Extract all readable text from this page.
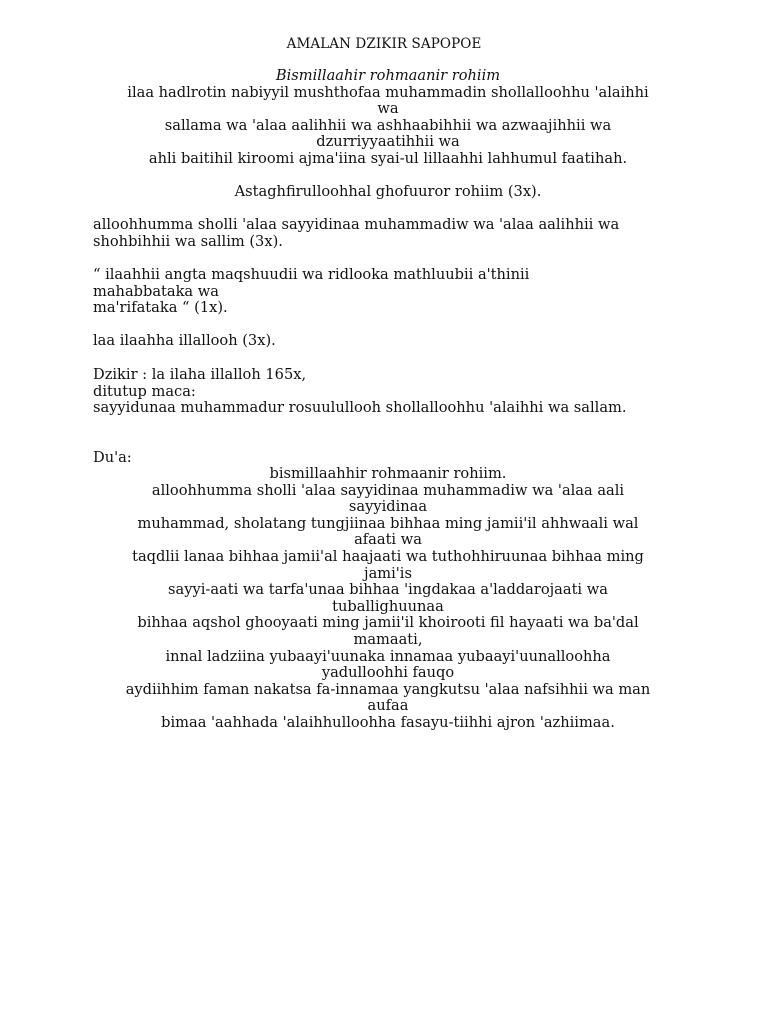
AMALAN DZIKIR SAPOPOE
Bismillaahir rohmaanir rohiim
ilaa hadlrotin nabiyyil mushthofaa muhammadin shollalloohhu 'alaihhi
wa
sallama wa 'alaa aalihhii wa ashhaabihhii wa azwaajihhii wa
dzurriyyaatihhii wa
ahli baitihil kiroomi ajma'iina syai-ul lillaahhi lahhumul faatihah.
Astaghfirulloohhal ghofuuror rohiim (3x).
alloohhumma sholli 'alaa sayyidinaa muhammadiw wa 'alaa aalihhii wa
shohbihhii wa sallim (3x).
“ ilaahhii angta maqshuudii wa ridlooka mathluubii a'thinii
mahabbataka wa
ma'rifataka “ (1x).
laa ilaahha illallooh (3x).
Dzikir : la ilaha illalloh 165x,
ditutup maca:
sayyidunaa muhammadur rosuulullooh shollalloohhu 'alaihhi wa sallam.
Du'a:
bismillaahhir rohmaanir rohiim.
alloohhumma sholli 'alaa sayyidinaa muhammadiw wa 'alaa aali
sayyidinaa
muhammad, sholatang tungjiinaa bihhaa ming jamii'il ahhwaali wal
afaati wa
taqdlii lanaa bihhaa jamii'al haajaati wa tuthohhiruunaa bihhaa ming
jami'is
sayyi-aati wa tarfa'unaa bihhaa 'ingdakaa a'laddarojaati wa
tuballighuunaa
bihhaa aqshol ghooyaati ming jamii'il khoirooti fil hayaati wa ba'dal
mamaati,
innal ladziina yubaayi'uunaka innamaa yubaayi'uunalloohha
yadulloohhi fauqo
aydiihhim faman nakatsa fa-innamaa yangkutsu 'alaa nafsihhii wa man
aufaa
bimaa 'aahhada 'alaihhulloohha fasayu-tiihhi ajron 'azhiimaa.
